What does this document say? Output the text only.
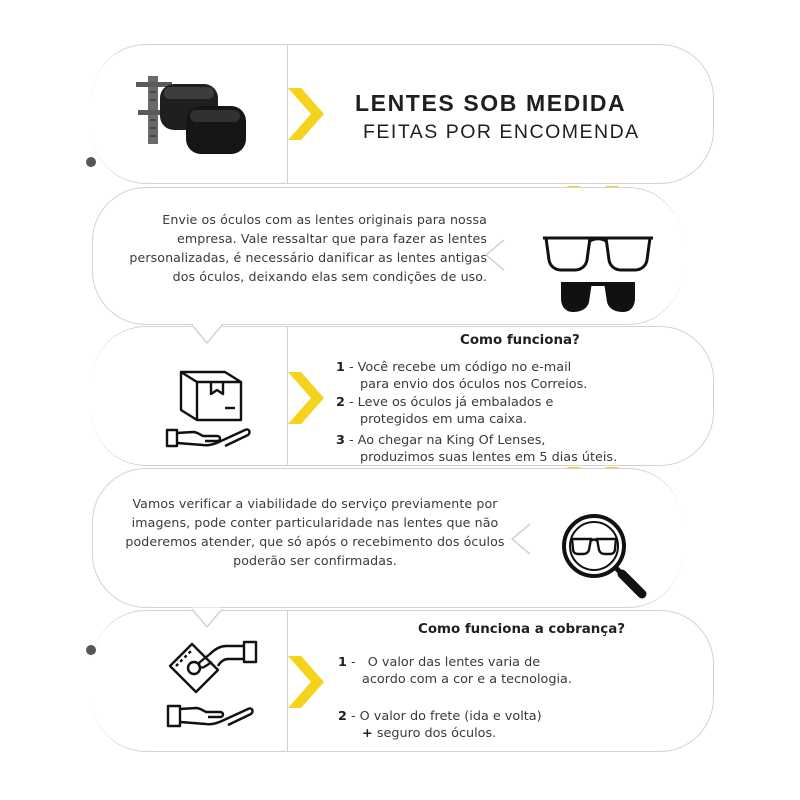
LENTES SOB MEDIDA
FEITAS POR ENCOMENDA
Envie os óculos com as lentes originais para nossa empresa. Vale ressaltar que para fazer as lentes personalizadas, é necessário danificar as lentes antigas dos óculos, deixando elas sem condições de uso.
Como funciona?
1 - Você recebe um código no e-mail
para envio dos óculos nos Correios.
2 - Leve os óculos já embalados e
protegidos em uma caixa.
3 - Ao chegar na King Of Lenses,
produzimos suas lentes em 5 dias úteis.
Vamos verificar a viabilidade do serviço previamente por imagens, pode conter particularidade nas lentes que não poderemos atender, que só após o recebimento dos óculos poderão ser confirmadas.
Como funciona a cobrança?
1 -   O valor das lentes varia de
acordo com a cor e a tecnologia.
2 - O valor do frete (ida e volta)
+ seguro dos óculos.
